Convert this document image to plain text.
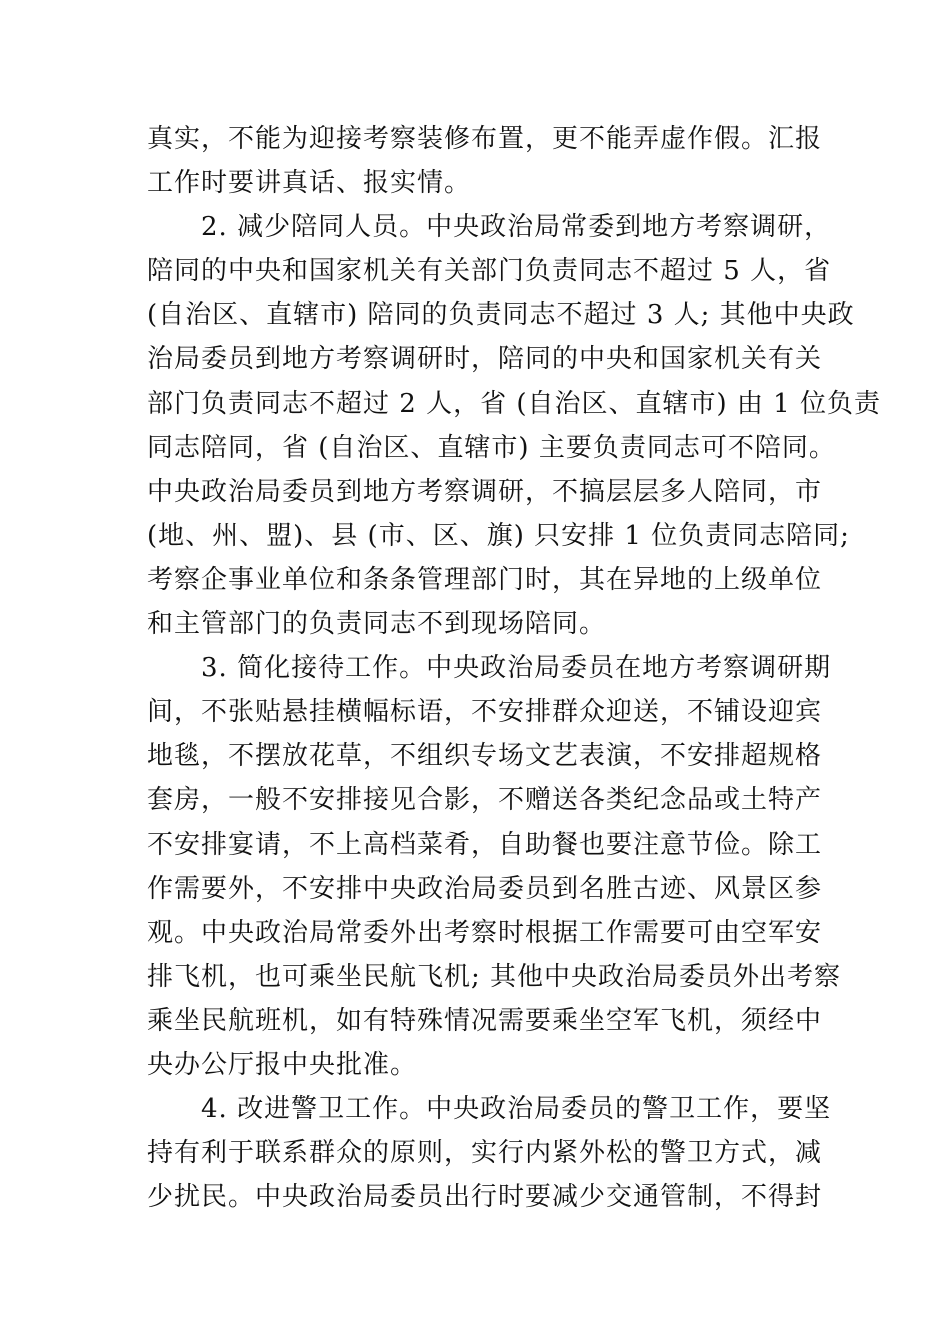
真实，不能为迎接考察装修布置，更不能弄虚作假。汇报
工作时要讲真话、报实情。
2. 减少陪同人员。中央政治局常委到地方考察调研，
陪同的中央和国家机关有关部门负责同志不超过 5 人，省
(自治区、直辖市) 陪同的负责同志不超过 3 人; 其他中央政
治局委员到地方考察调研时，陪同的中央和国家机关有关
部门负责同志不超过 2 人，省 (自治区、直辖市) 由 1 位负责
同志陪同，省 (自治区、直辖市) 主要负责同志可不陪同。
中央政治局委员到地方考察调研，不搞层层多人陪同，市
(地、州、盟)、县 (市、区、旗) 只安排 1 位负责同志陪同;
考察企事业单位和条条管理部门时，其在异地的上级单位
和主管部门的负责同志不到现场陪同。
3. 简化接待工作。中央政治局委员在地方考察调研期
间，不张贴悬挂横幅标语，不安排群众迎送，不铺设迎宾
地毯，不摆放花草，不组织专场文艺表演，不安排超规格
套房，一般不安排接见合影，不赠送各类纪念品或土特产
不安排宴请，不上高档菜肴，自助餐也要注意节俭。除工
作需要外，不安排中央政治局委员到名胜古迹、风景区参
观。中央政治局常委外出考察时根据工作需要可由空军安
排飞机，也可乘坐民航飞机; 其他中央政治局委员外出考察
乘坐民航班机，如有特殊情况需要乘坐空军飞机，须经中
央办公厅报中央批准。
4. 改进警卫工作。中央政治局委员的警卫工作，要坚
持有利于联系群众的原则，实行内紧外松的警卫方式，减
少扰民。中央政治局委员出行时要减少交通管制，不得封
